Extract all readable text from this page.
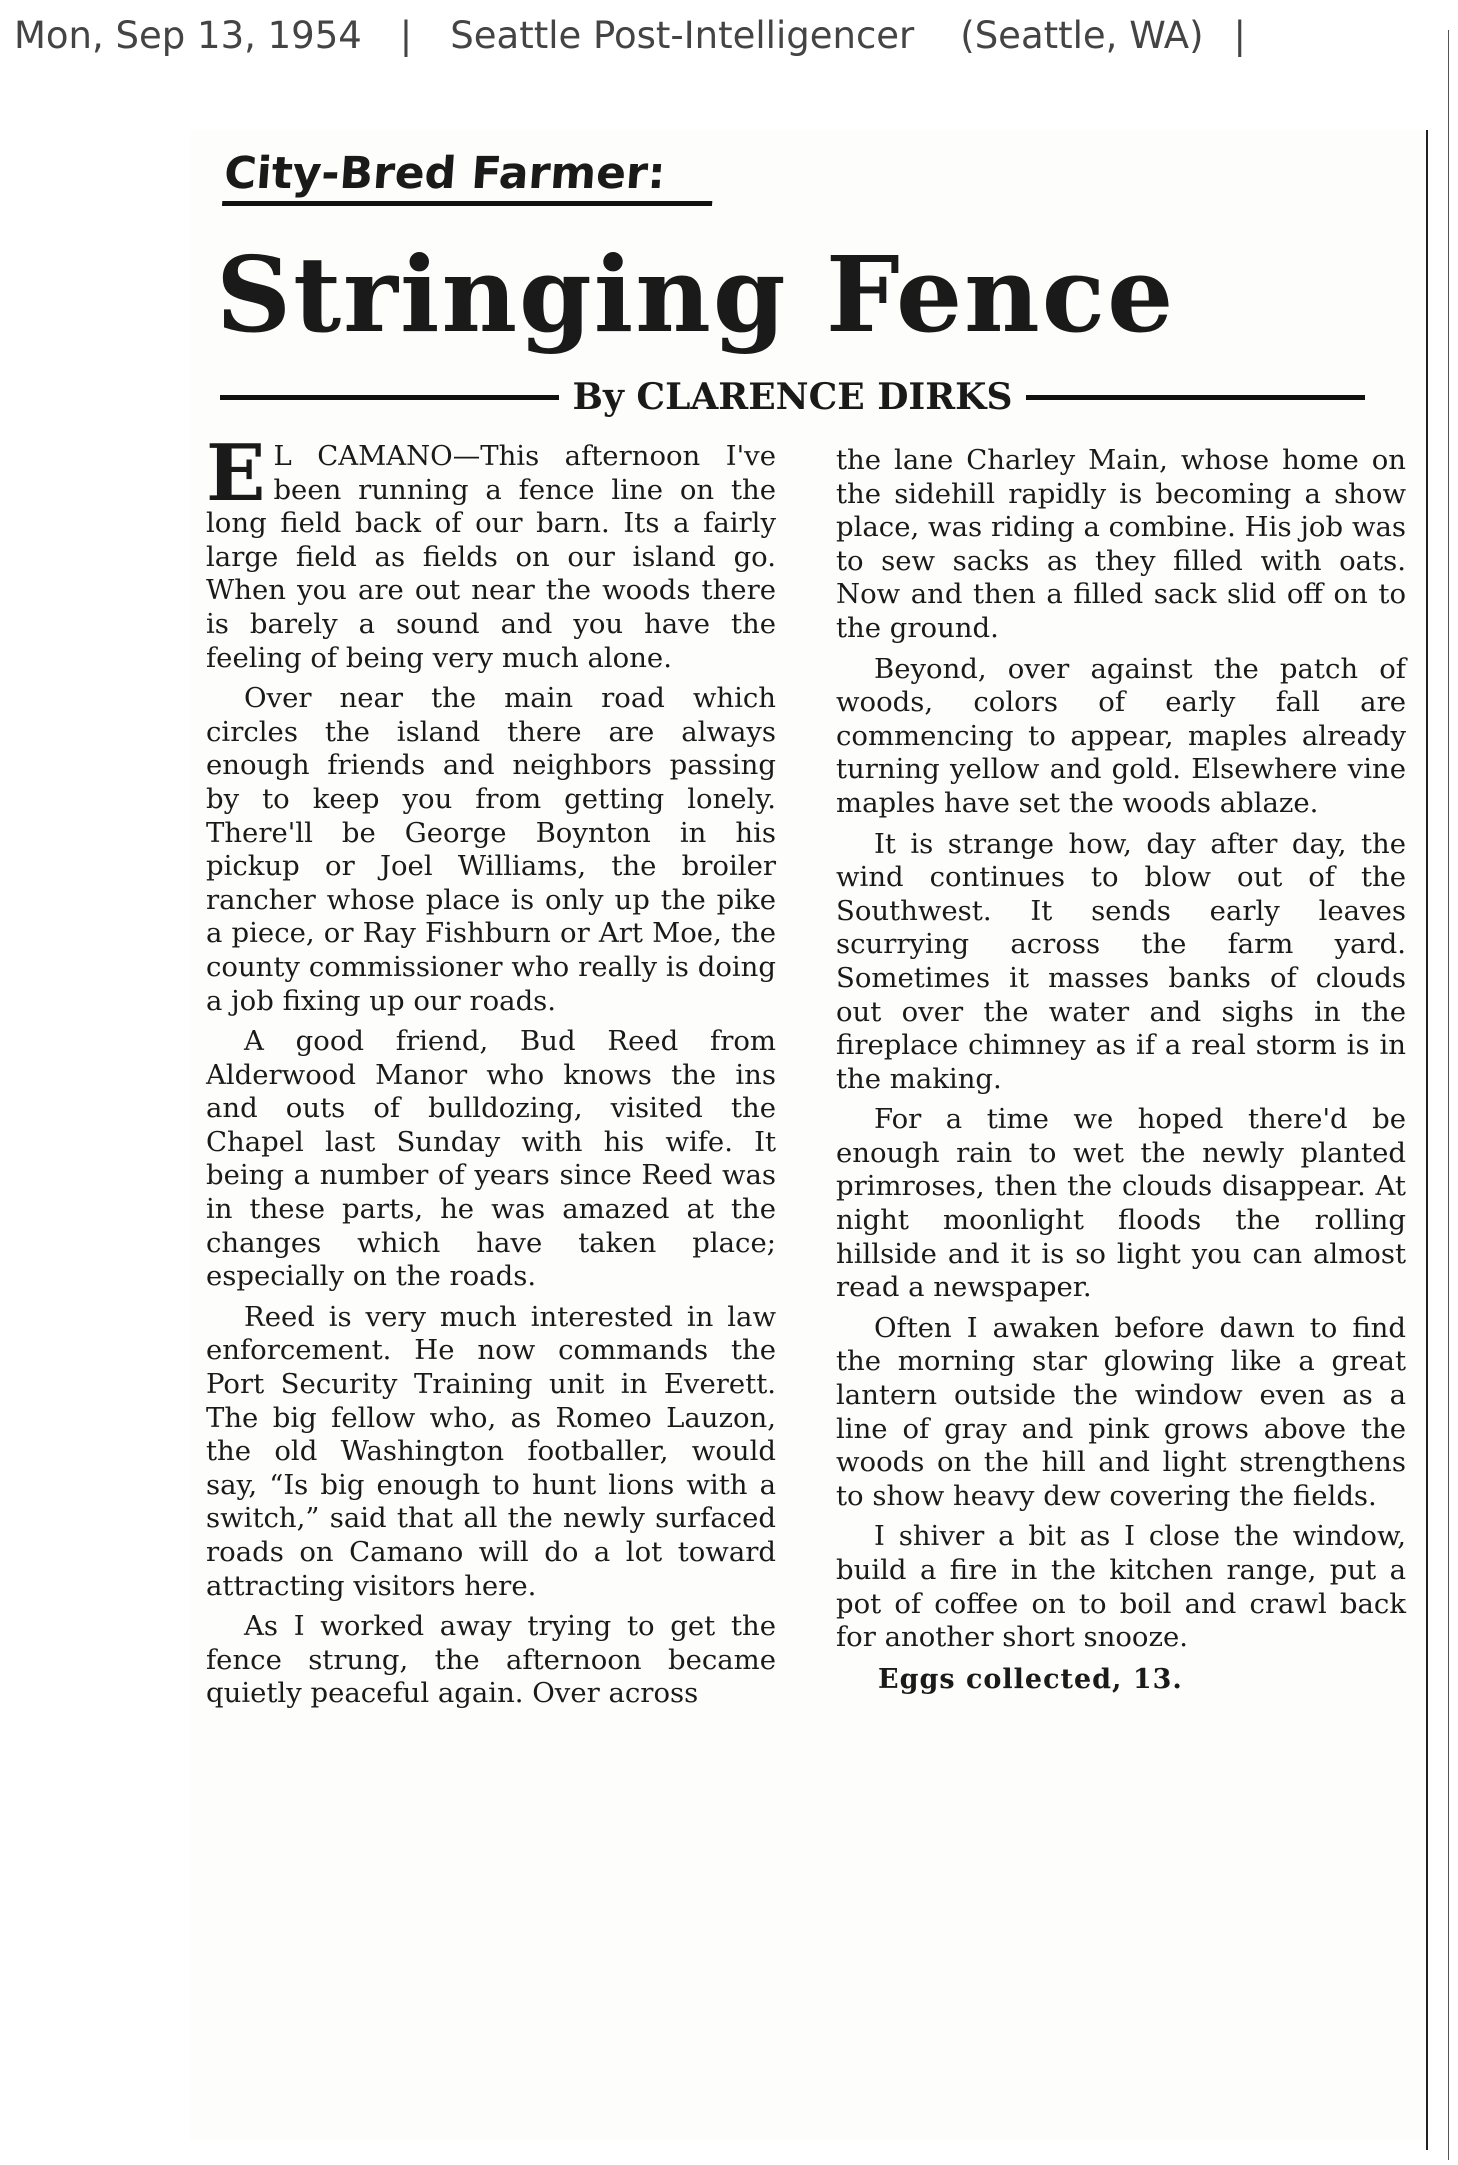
Mon, Sep 13, 1954 | Seattle Post-Intelligencer (Seattle, WA) |
City-Bred Farmer:
Stringing Fence
By CLARENCE DIRKS

E L CAMANO—This afternoon I've been running a fence line on the long field back of our barn. Its a fairly large field as fields on our island go. When you are out near the woods there is barely a sound and you have the feeling of being very much alone.

Over near the main road which circles the island there are always enough friends and neighbors passing by to keep you from getting lonely. There'll be George Boynton in his pickup or Joel Williams, the broiler rancher whose place is only up the pike a piece, or Ray Fishburn or Art Moe, the county commissioner who really is doing a job fixing up our roads.

A good friend, Bud Reed from Alderwood Manor who knows the ins and outs of bulldozing, visited the Chapel last Sunday with his wife. It being a number of years since Reed was in these parts, he was amazed at the changes which have taken place; especially on the roads.

Reed is very much interested in law enforcement. He now commands the Port Security Training unit in Everett. The big fellow who, as Romeo Lauzon, the old Washington footballer, would say, “Is big enough to hunt lions with a switch,” said that all the newly surfaced roads on Camano will do a lot toward attracting visitors here.

As I worked away trying to get the fence strung, the afternoon became quietly peaceful again. Over across

the lane Charley Main, whose home on the sidehill rapidly is becoming a show place, was riding a combine. His job was to sew sacks as they filled with oats. Now and then a filled sack slid off on to the ground.

Beyond, over against the patch of woods, colors of early fall are commencing to appear, maples already turning yellow and gold. Elsewhere vine maples have set the woods ablaze.

It is strange how, day after day, the wind continues to blow out of the Southwest. It sends early leaves scurrying across the farm yard. Sometimes it masses banks of clouds out over the water and sighs in the fireplace chimney as if a real storm is in the making.

For a time we hoped there'd be enough rain to wet the newly planted primroses, then the clouds disappear. At night moonlight floods the rolling hillside and it is so light you can almost read a newspaper.

Often I awaken before dawn to find the morning star glowing like a great lantern outside the window even as a line of gray and pink grows above the woods on the hill and light strengthens to show heavy dew covering the fields.

I shiver a bit as I close the window, build a fire in the kitchen range, put a pot of coffee on to boil and crawl back for another short snooze.

Eggs collected, 13.
